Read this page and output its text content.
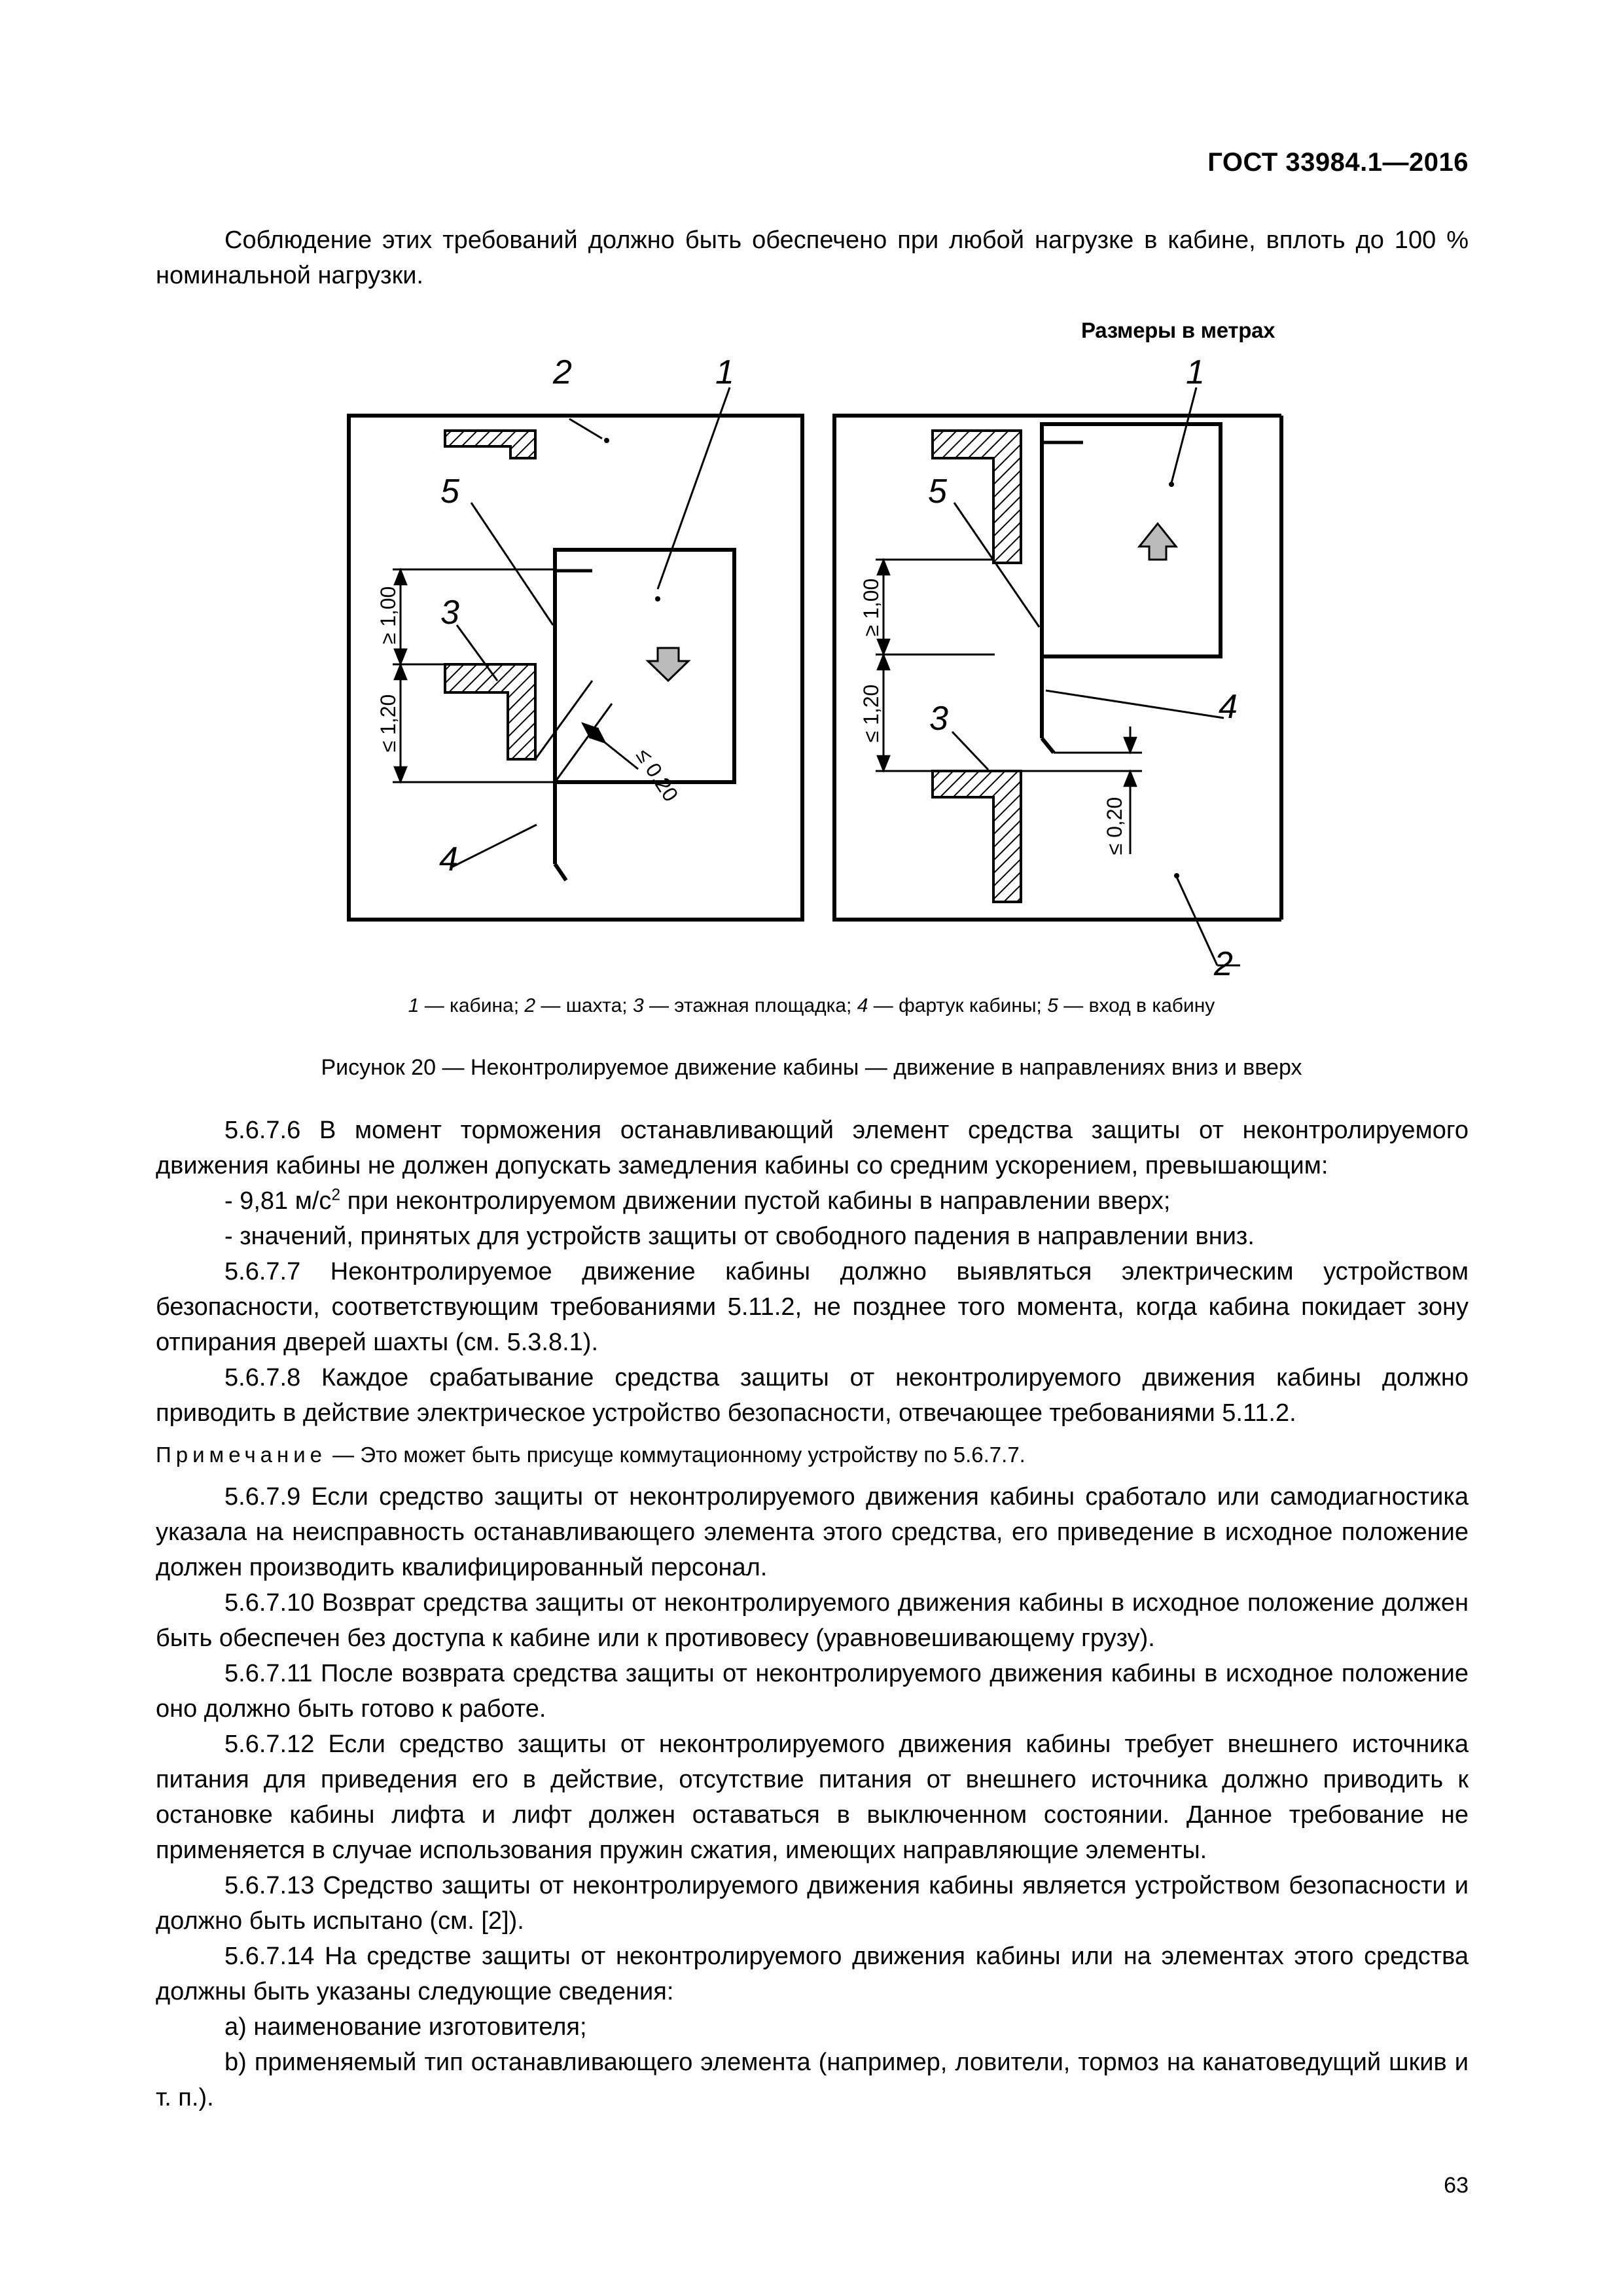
ГОСТ 33984.1—2016

Соблюдение этих требований должно быть обеспечено при любой нагрузке в кабине, вплоть до 100 % номинальной нагрузки.

Размеры в метрах
2	1
5
3
4
≥ 1,00
≤ 1,20
≤ 0,20
1
5
3	4
2
≥ 1,00
≤ 1,20
≤ 0,20
1 — кабина; 2 — шахта; 3 — этажная площадка; 4 — фартук кабины; 5 — вход в кабину
Рисунок 20 — Неконтролируемое движение кабины — движение в направлениях вниз и вверх

5.6.7.6 В момент торможения останавливающий элемент средства защиты от неконтролируемого движения кабины не должен допускать замедления кабины со средним ускорением, превышающим:

- 9,81 $м/с^2$ при неконтролируемом движении пустой кабины в направлении вверх;

- значений, принятых для устройств защиты от свободного падения в направлении вниз.

5.6.7.7 Неконтролируемое движение кабины должно выявляться электрическим устройством безопасности, соответствующим требованиями 5.11.2, не позднее того момента, когда кабина покидает зону отпирания дверей шахты (см. 5.3.8.1).

5.6.7.8 Каждое срабатывание средства защиты от неконтролируемого движения кабины должно приводить в действие электрическое устройство безопасности, отвечающее требованиями 5.11.2.

Примечание — Это может быть присуще коммутационному устройству по 5.6.7.7.

5.6.7.9 Если средство защиты от неконтролируемого движения кабины сработало или самодиагностика указала на неисправность останавливающего элемента этого средства, его приведение в исходное положение должен производить квалифицированный персонал.

5.6.7.10 Возврат средства защиты от неконтролируемого движения кабины в исходное положение должен быть обеспечен без доступа к кабине или к противовесу (уравновешивающему грузу).

5.6.7.11 После возврата средства защиты от неконтролируемого движения кабины в исходное положение оно должно быть готово к работе.

5.6.7.12 Если средство защиты от неконтролируемого движения кабины требует внешнего источника питания для приведения его в действие, отсутствие питания от внешнего источника должно приводить к остановке кабины лифта и лифт должен оставаться в выключенном состоянии. Данное требование не применяется в случае использования пружин сжатия, имеющих направляющие элементы.

5.6.7.13 Средство защиты от неконтролируемого движения кабины является устройством безопасности и должно быть испытано (см. [2]).

5.6.7.14 На средстве защиты от неконтролируемого движения кабины или на элементах этого средства должны быть указаны следующие сведения:

a) наименование изготовителя;

b) применяемый тип останавливающего элемента (например, ловители, тормоз на канатоведущий шкив и т. п.).

63
